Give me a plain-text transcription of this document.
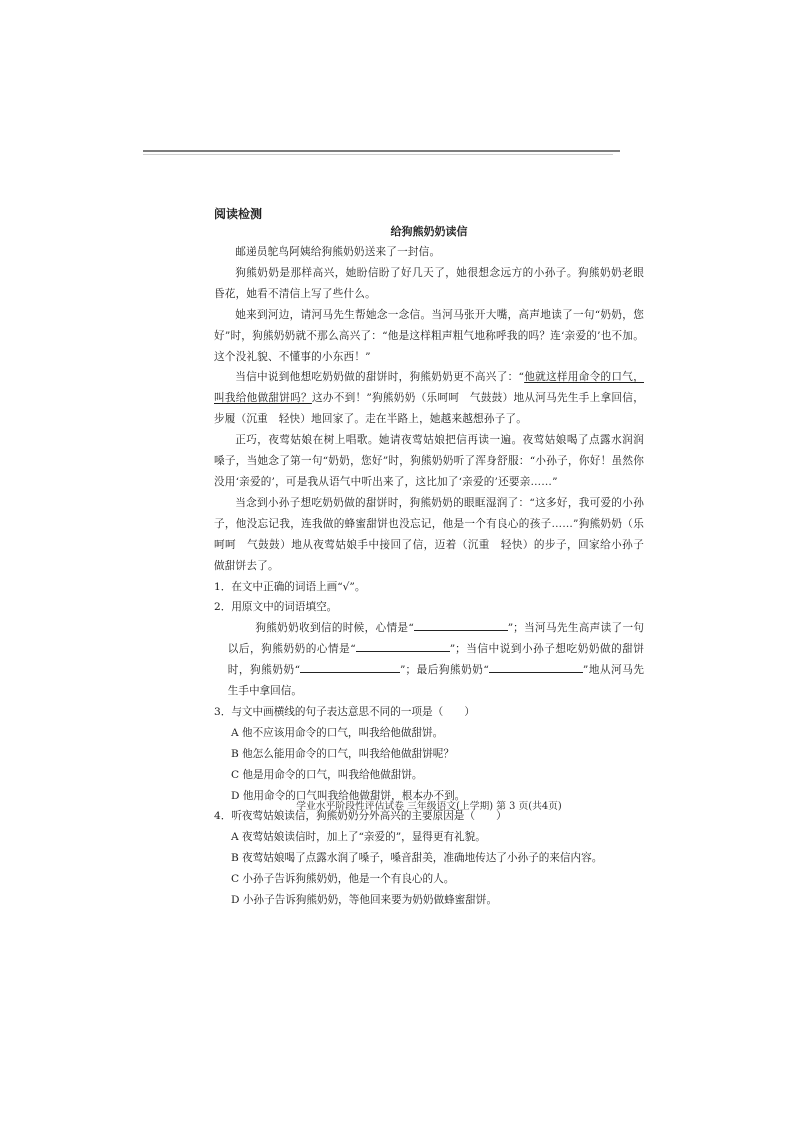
阅读检测

给狗熊奶奶读信

邮递员鸵鸟阿姨给狗熊奶奶送来了一封信。

狗熊奶奶是那样高兴，她盼信盼了好几天了，她很想念远方的小孙子。狗熊奶奶老眼昏花，她看不清信上写了些什么。

她来到河边，请河马先生帮她念一念信。当河马张开大嘴，高声地读了一句“奶奶，您好”时，狗熊奶奶就不那么高兴了：“他是这样粗声粗气地称呼我的吗？连‘亲爱的’也不加。这个没礼貌、不懂事的小东西！”

当信中说到他想吃奶奶做的甜饼时，狗熊奶奶更不高兴了：“他就这样用命令的口气，叫我给他做甜饼吗？这办不到！”狗熊奶奶（乐呵呵　气鼓鼓）地从河马先生手上拿回信，步履（沉重　轻快）地回家了。走在半路上，她越来越想孙子了。

正巧，夜莺姑娘在树上唱歌。她请夜莺姑娘把信再读一遍。夜莺姑娘喝了点露水润润嗓子，当她念了第一句“奶奶，您好”时，狗熊奶奶听了浑身舒服：“小孙子，你好！虽然你没用‘亲爱的’，可是我从语气中听出来了，这比加了‘亲爱的’还要亲……”

当念到小孙子想吃奶奶做的甜饼时，狗熊奶奶的眼眶湿润了：“这多好，我可爱的小孙子，他没忘记我，连我做的蜂蜜甜饼也没忘记，他是一个有良心的孩子……”狗熊奶奶（乐呵呵　气鼓鼓）地从夜莺姑娘手中接回了信，迈着（沉重　轻快）的步子，回家给小孙子做甜饼去了。

1．在文中正确的词语上画“√”。

2．用原文中的词语填空。

狗熊奶奶收到信的时候，心情是“	”；当河马先生高声读了一句以后，狗熊奶奶的心情是“	”；当信中说到小孙子想吃奶奶做的甜饼时，狗熊奶奶“	”；最后狗熊奶奶“	”地从河马先生手中拿回信。

3．与文中画横线的句子表达意思不同的一项是（　　）

A 他不应该用命令的口气，叫我给他做甜饼。

B 他怎么能用命令的口气，叫我给他做甜饼呢？

C 他是用命令的口气，叫我给他做甜饼。

D 他用命令的口气叫我给他做甜饼，根本办不到。

4．听夜莺姑娘读信，狗熊奶奶分外高兴的主要原因是（　　）

A 夜莺姑娘读信时，加上了“亲爱的”，显得更有礼貌。

B 夜莺姑娘喝了点露水润了嗓子，嗓音甜美，准确地传达了小孙子的来信内容。

C 小孙子告诉狗熊奶奶，他是一个有良心的人。

D 小孙子告诉狗熊奶奶，等他回来要为奶奶做蜂蜜甜饼。

学业水平阶段性评估试卷 三年级语文(上学期) 第 3 页(共4页)
